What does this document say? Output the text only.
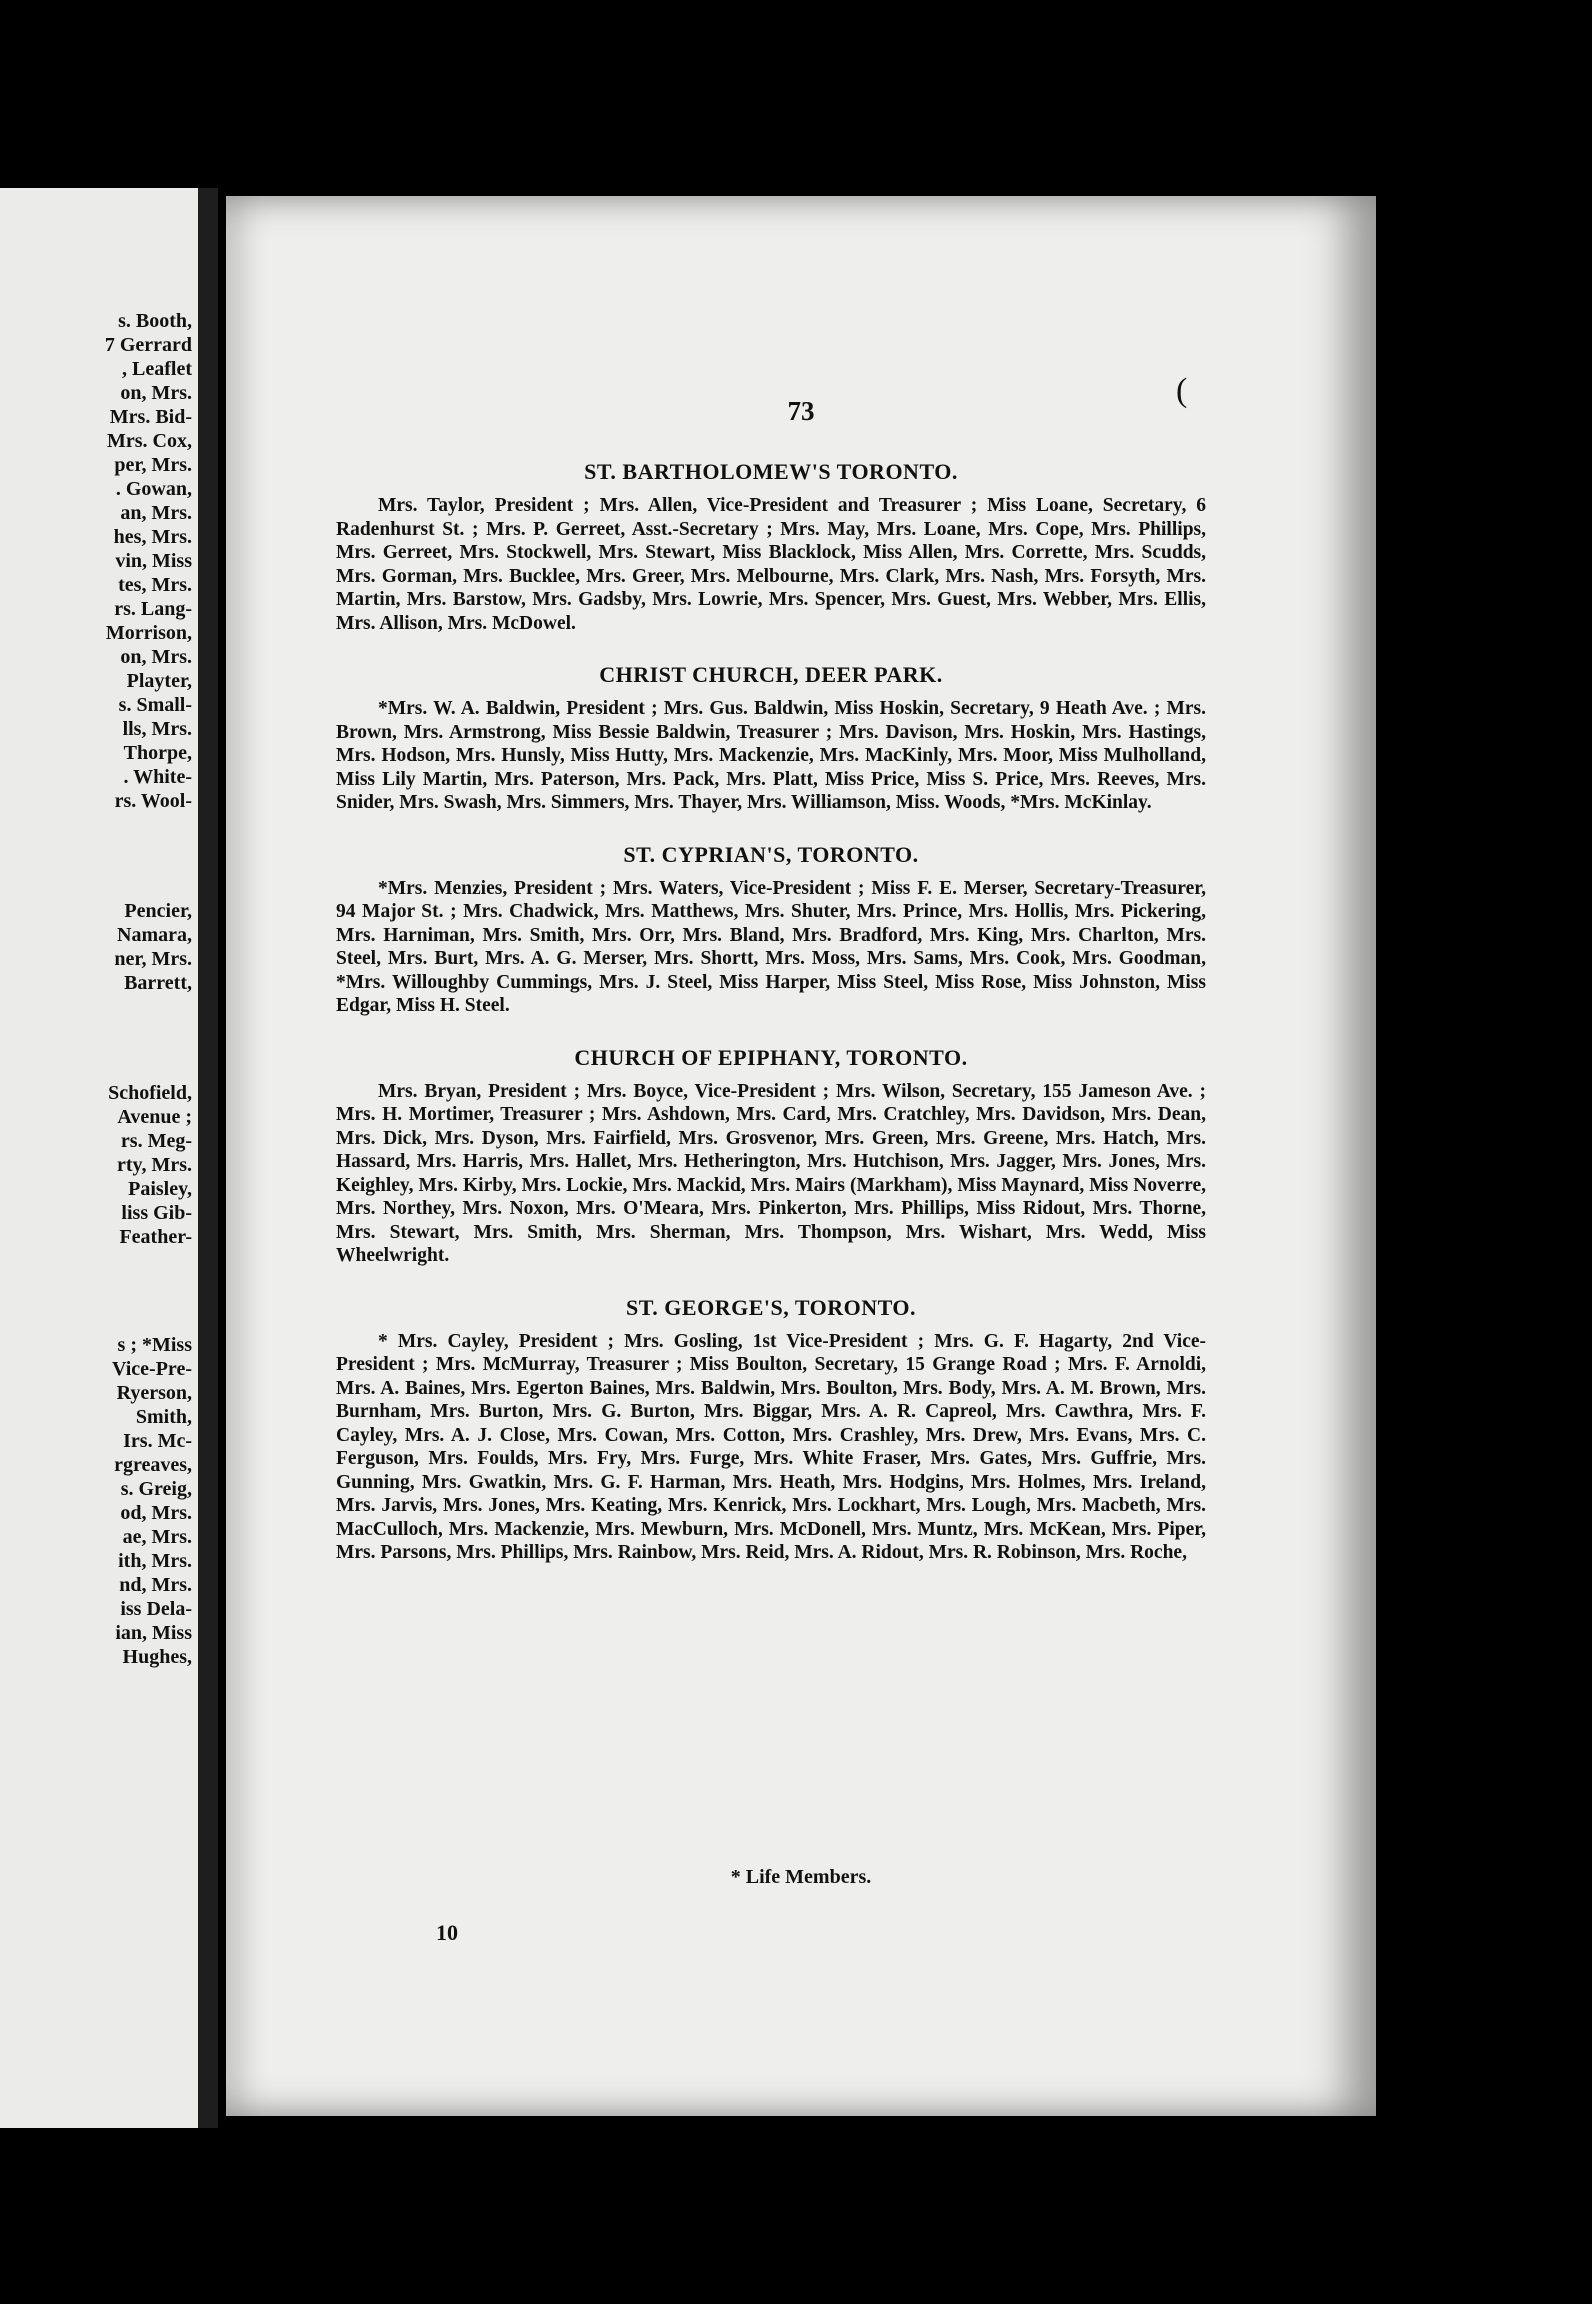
s. Booth,
7 Gerrard
, Leaflet
on, Mrs.
Mrs. Bid-
Mrs. Cox,
per, Mrs.
. Gowan,
an, Mrs.
hes, Mrs.
vin, Miss
tes, Mrs.
rs. Lang-
Morrison,
on, Mrs.
Playter,
s. Small-
lls, Mrs.
Thorpe,
. White-
rs. Wool-
Pencier,
Namara,
ner, Mrs.
Barrett,
Schofield,
Avenue ;
rs. Meg-
rty, Mrs.
Paisley,
liss Gib-
Feather-
s ; *Miss
Vice-Pre-
Ryerson,
Smith,
Irs. Mc-
rgreaves,
s. Greig,
od, Mrs.
ae, Mrs.
ith, Mrs.
nd, Mrs.
iss Dela-
ian, Miss
Hughes,
73
(
ST. BARTHOLOMEW'S TORONTO.

Mrs. Taylor, President ; Mrs. Allen, Vice-President and Treasurer ; Miss Loane, Secretary, 6 Radenhurst St. ; Mrs. P. Gerreet, Asst.-Secretary ; Mrs. May, Mrs. Loane, Mrs. Cope, Mrs. Phillips, Mrs. Gerreet, Mrs. Stockwell, Mrs. Stewart, Miss Blacklock, Miss Allen, Mrs. Corrette, Mrs. Scudds, Mrs. Gorman, Mrs. Bucklee, Mrs. Greer, Mrs. Melbourne, Mrs. Clark, Mrs. Nash, Mrs. Forsyth, Mrs. Martin, Mrs. Barstow, Mrs. Gadsby, Mrs. Lowrie, Mrs. Spencer, Mrs. Guest, Mrs. Webber, Mrs. Ellis, Mrs. Allison, Mrs. McDowel.

CHRIST CHURCH, DEER PARK.

*Mrs. W. A. Baldwin, President ; Mrs. Gus. Baldwin, Miss Hoskin, Secretary, 9 Heath Ave. ; Mrs. Brown, Mrs. Armstrong, Miss Bessie Baldwin, Treasurer ; Mrs. Davison, Mrs. Hoskin, Mrs. Hastings, Mrs. Hodson, Mrs. Hunsly, Miss Hutty, Mrs. Mackenzie, Mrs. MacKinly, Mrs. Moor, Miss Mulholland, Miss Lily Martin, Mrs. Paterson, Mrs. Pack, Mrs. Platt, Miss Price, Miss S. Price, Mrs. Reeves, Mrs. Snider, Mrs. Swash, Mrs. Simmers, Mrs. Thayer, Mrs. Williamson, Miss. Woods, *Mrs. McKinlay.

ST. CYPRIAN'S, TORONTO.

*Mrs. Menzies, President ; Mrs. Waters, Vice-President ; Miss F. E. Merser, Secretary-Treasurer, 94 Major St. ; Mrs. Chadwick, Mrs. Matthews, Mrs. Shuter, Mrs. Prince, Mrs. Hollis, Mrs. Pickering, Mrs. Harniman, Mrs. Smith, Mrs. Orr, Mrs. Bland, Mrs. Bradford, Mrs. King, Mrs. Charlton, Mrs. Steel, Mrs. Burt, Mrs. A. G. Merser, Mrs. Shortt, Mrs. Moss, Mrs. Sams, Mrs. Cook, Mrs. Goodman, *Mrs. Willoughby Cummings, Mrs. J. Steel, Miss Harper, Miss Steel, Miss Rose, Miss Johnston, Miss Edgar, Miss H. Steel.

CHURCH OF EPIPHANY, TORONTO.

Mrs. Bryan, President ; Mrs. Boyce, Vice-President ; Mrs. Wilson, Secretary, 155 Jameson Ave. ; Mrs. H. Mortimer, Treasurer ; Mrs. Ashdown, Mrs. Card, Mrs. Cratchley, Mrs. Davidson, Mrs. Dean, Mrs. Dick, Mrs. Dyson, Mrs. Fairfield, Mrs. Grosvenor, Mrs. Green, Mrs. Greene, Mrs. Hatch, Mrs. Hassard, Mrs. Harris, Mrs. Hallet, Mrs. Hetherington, Mrs. Hutchison, Mrs. Jagger, Mrs. Jones, Mrs. Keighley, Mrs. Kirby, Mrs. Lockie, Mrs. Mackid, Mrs. Mairs (Markham), Miss Maynard, Miss Noverre, Mrs. Northey, Mrs. Noxon, Mrs. O'Meara, Mrs. Pinkerton, Mrs. Phillips, Miss Ridout, Mrs. Thorne, Mrs. Stewart, Mrs. Smith, Mrs. Sherman, Mrs. Thompson, Mrs. Wishart, Mrs. Wedd, Miss Wheelwright.

ST. GEORGE'S, TORONTO.

* Mrs. Cayley, President ; Mrs. Gosling, 1st Vice-President ; Mrs. G. F. Hagarty, 2nd Vice-President ; Mrs. McMurray, Treasurer ; Miss Boulton, Secretary, 15 Grange Road ; Mrs. F. Arnoldi, Mrs. A. Baines, Mrs. Egerton Baines, Mrs. Baldwin, Mrs. Boulton, Mrs. Body, Mrs. A. M. Brown, Mrs. Burnham, Mrs. Burton, Mrs. G. Burton, Mrs. Biggar, Mrs. A. R. Capreol, Mrs. Cawthra, Mrs. F. Cayley, Mrs. A. J. Close, Mrs. Cowan, Mrs. Cotton, Mrs. Crashley, Mrs. Drew, Mrs. Evans, Mrs. C. Ferguson, Mrs. Foulds, Mrs. Fry, Mrs. Furge, Mrs. White Fraser, Mrs. Gates, Mrs. Guffrie, Mrs. Gunning, Mrs. Gwatkin, Mrs. G. F. Harman, Mrs. Heath, Mrs. Hodgins, Mrs. Holmes, Mrs. Ireland, Mrs. Jarvis, Mrs. Jones, Mrs. Keating, Mrs. Kenrick, Mrs. Lockhart, Mrs. Lough, Mrs. Macbeth, Mrs. MacCulloch, Mrs. Mackenzie, Mrs. Mewburn, Mrs. McDonell, Mrs. Muntz, Mrs. McKean, Mrs. Piper, Mrs. Parsons, Mrs. Phillips, Mrs. Rainbow, Mrs. Reid, Mrs. A. Ridout, Mrs. R. Robinson, Mrs. Roche,

* Life Members.
10
